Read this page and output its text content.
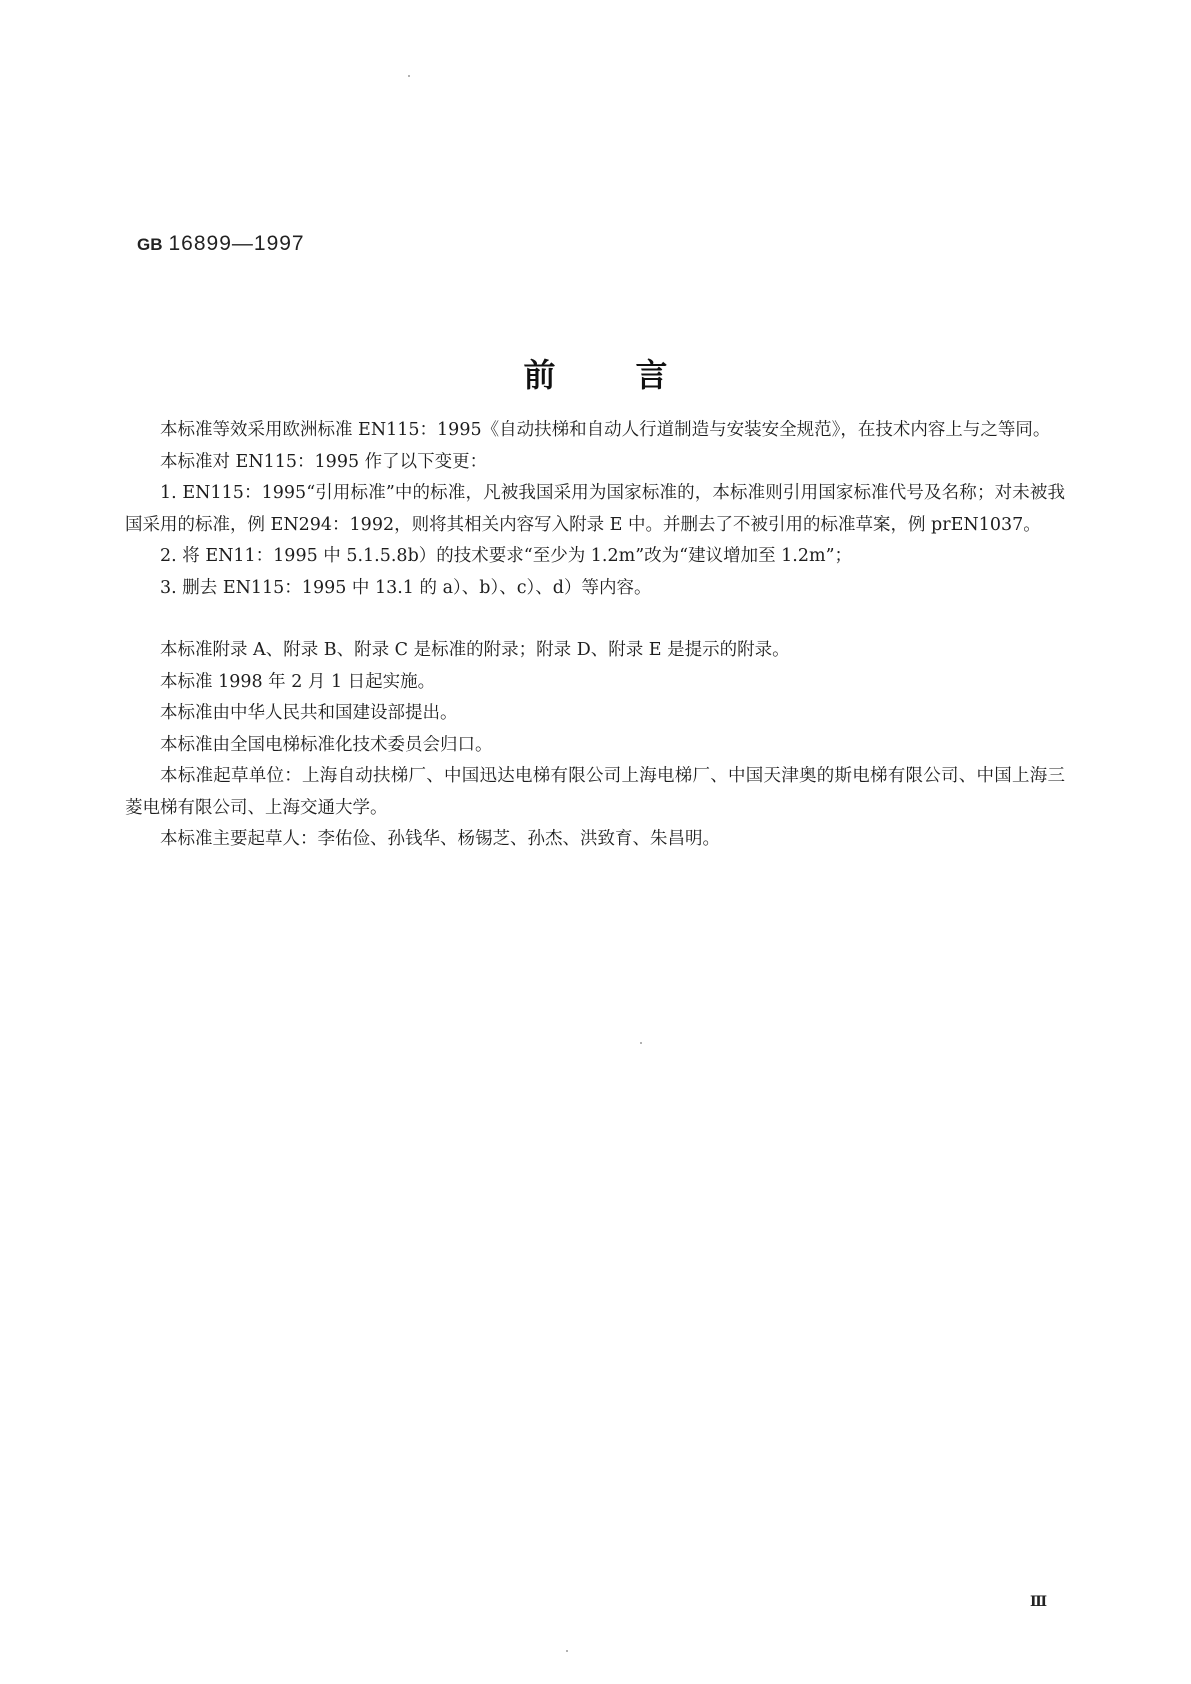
GB 16899—1997
前言

本标准等效采用欧洲标准 EN115：1995《自动扶梯和自动人行道制造与安装安全规范》，在技术内容上与之等同。

本标准对 EN115：1995 作了以下变更：

1. EN115：1995“引用标准”中的标准，凡被我国采用为国家标准的，本标准则引用国家标准代号及名称；对未被我国采用的标准，例 EN294：1992，则将其相关内容写入附录 E 中。并删去了不被引用的标准草案，例 prEN1037。

2. 将 EN11：1995 中 5.1.5.8b）的技术要求“至少为 1.2m”改为“建议增加至 1.2m”；

3. 删去 EN115：1995 中 13.1 的 a）、b）、c）、d）等内容。

本标准附录 A、附录 B、附录 C 是标准的附录；附录 D、附录 E 是提示的附录。

本标准 1998 年 2 月 1 日起实施。

本标准由中华人民共和国建设部提出。

本标准由全国电梯标准化技术委员会归口。

本标准起草单位：上海自动扶梯厂、中国迅达电梯有限公司上海电梯厂、中国天津奥的斯电梯有限公司、中国上海三菱电梯有限公司、上海交通大学。

本标准主要起草人：李佑俭、孙钱华、杨锡芝、孙杰、洪致育、朱昌明。

Ⅲ
